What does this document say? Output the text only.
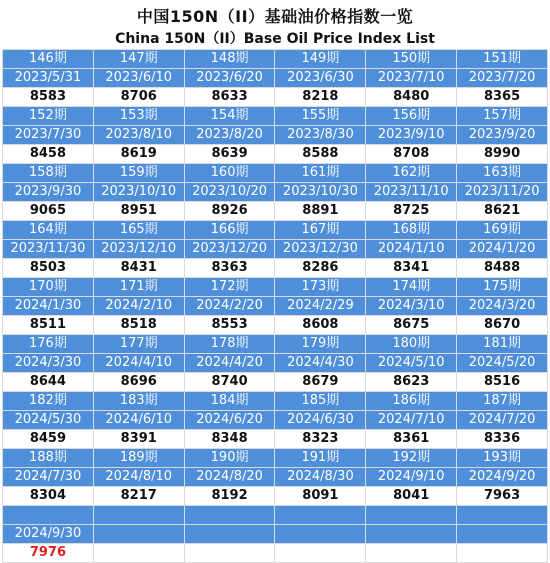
中国150N（II）基础油价格指数一览
China 150N（II）Base Oil Price Index List
146期	147期	148期	149期	150期	151期
2023/5/31	2023/6/10	2023/6/20	2023/6/30	2023/7/10	2023/7/20
8583	8706	8633	8218	8480	8365
152期	153期	154期	155期	156期	157期
2023/7/30	2023/8/10	2023/8/20	2023/8/30	2023/9/10	2023/9/20
8458	8619	8639	8588	8708	8990
158期	159期	160期	161期	162期	163期
2023/9/30	2023/10/10	2023/10/20	2023/10/30	2023/11/10	2023/11/20
9065	8951	8926	8891	8725	8621
164期	165期	166期	167期	168期	169期
2023/11/30	2023/12/10	2023/12/20	2023/12/30	2024/1/10	2024/1/20
8503	8431	8363	8286	8341	8488
170期	171期	172期	173期	174期	175期
2024/1/30	2024/2/10	2024/2/20	2024/2/29	2024/3/10	2024/3/20
8511	8518	8553	8608	8675	8670
176期	177期	178期	179期	180期	181期
2024/3/30	2024/4/10	2024/4/20	2024/4/30	2024/5/10	2024/5/20
8644	8696	8740	8679	8623	8516
182期	183期	184期	185期	186期	187期
2024/5/30	2024/6/10	2024/6/20	2024/6/30	2024/7/10	2024/7/20
8459	8391	8348	8323	8361	8336
188期	189期	190期	191期	192期	193期
2024/7/30	2024/8/10	2024/8/20	2024/8/30	2024/9/10	2024/9/20
8304	8217	8192	8091	8041	7963

2024/9/30					
7976					
